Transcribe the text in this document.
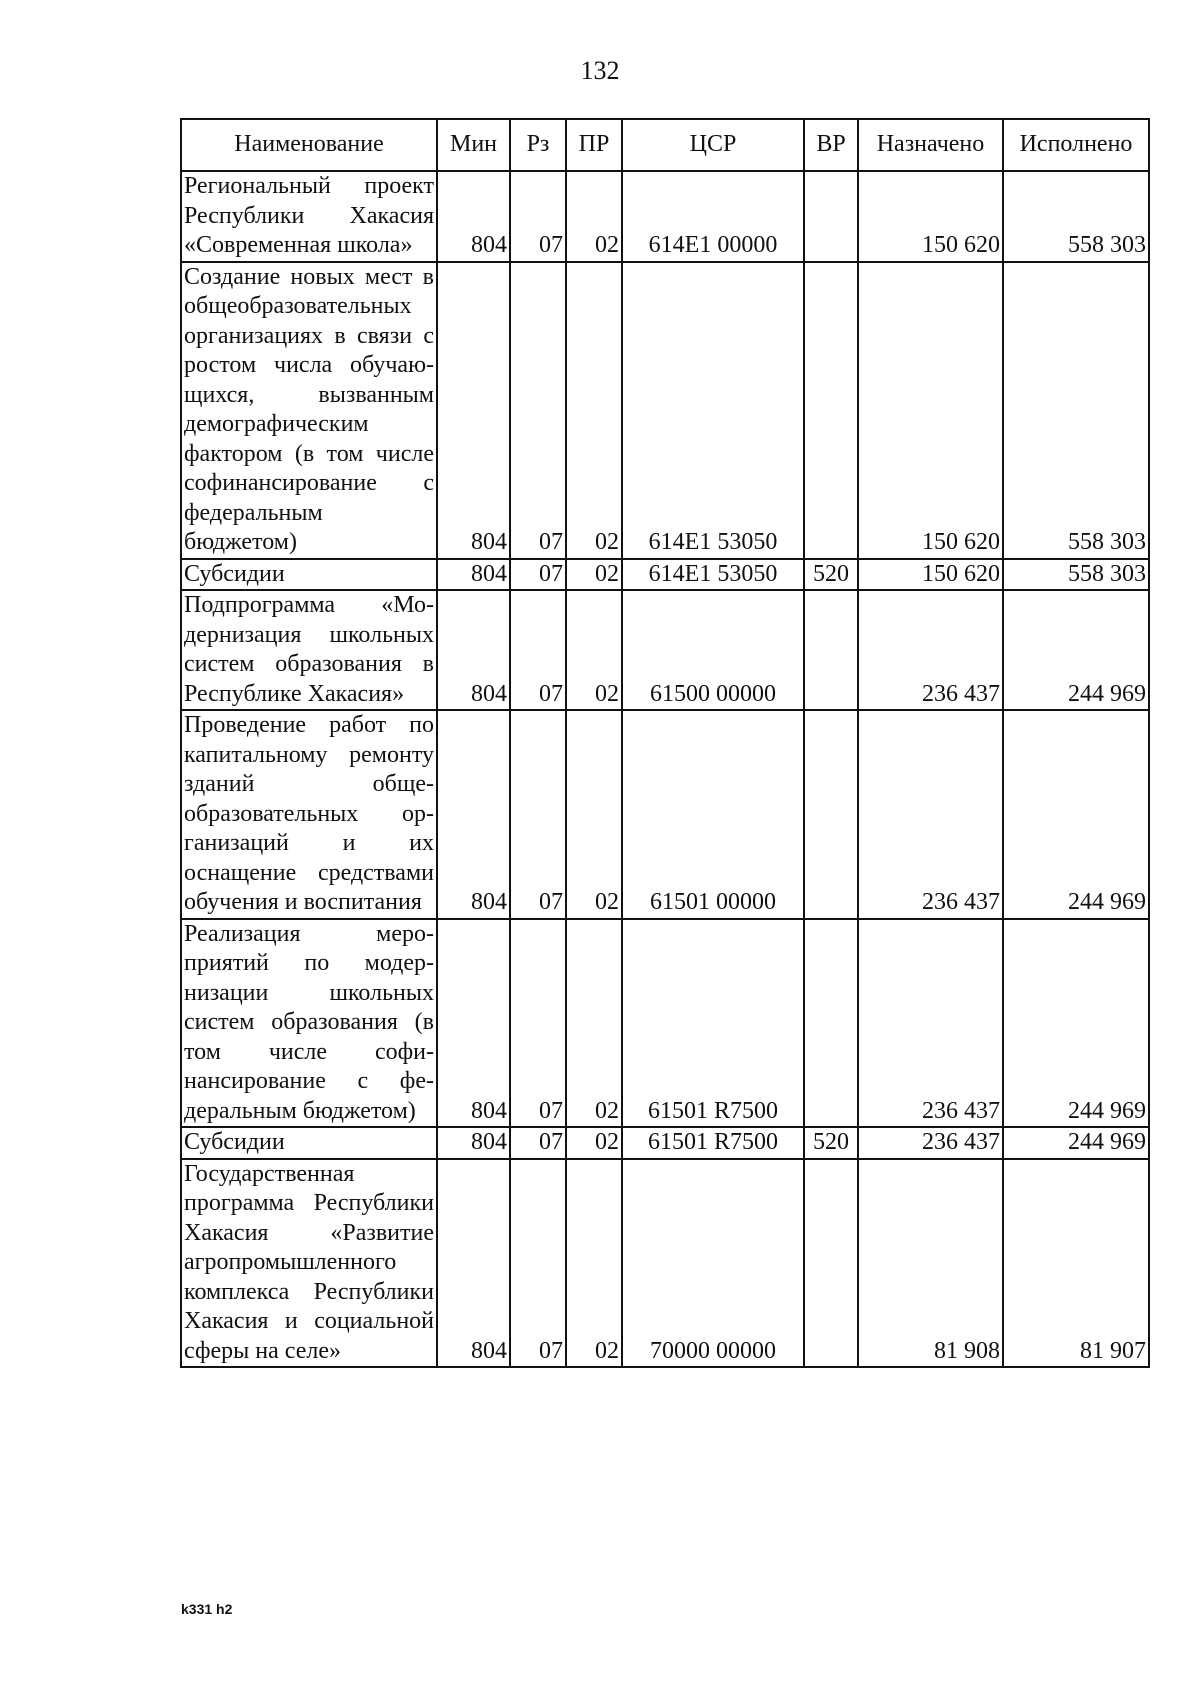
132
Наименование	Мин	Рз	ПР	ЦСР	ВР	Назначено	Исполнено
Региональный проект Республики Хакасия «Современная школа»	804	07	02	614E1 00000		150 620	558 303
Создание новых мест в общеобразовательных организациях в связи с ростом числа обучающихся, вызванным демографическим фактором (в том числе софинансирование с федеральным бюджетом)	804	07	02	614E1 53050		150 620	558 303
Субсидии	804	07	02	614E1 53050	520	150 620	558 303
Подпрограмма «Модернизация школьных систем образования в Республике Хакасия»	804	07	02	61500 00000		236 437	244 969
Проведение работ по капитальному ремонту зданий общеобразовательных организаций и их оснащение средствами обучения и воспитания	804	07	02	61501 00000		236 437	244 969
Реализация мероприятий по модернизации школьных систем образования (в том числе софинансирование с федеральным бюджетом)	804	07	02	61501 R7500		236 437	244 969
Субсидии	804	07	02	61501 R7500	520	236 437	244 969
Государственная программа Республики Хакасия «Развитие агропромышленного комплекса Республики Хакасия и социальной сферы на селе»	804	07	02	70000 00000		81 908	81 907
k331 h2
